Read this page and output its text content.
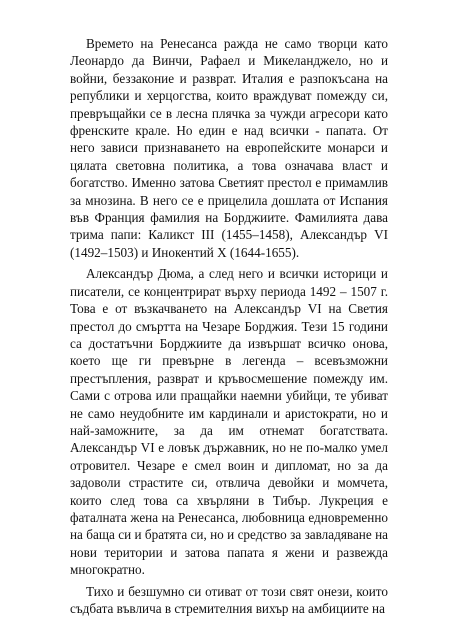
Времето на Ренесанса ражда не само творци като Леонардо да Винчи, Рафаел и Микеланджело, но и войни, беззаконие и разврат. Италия е разпокъсана на републики и херцогства, които враждуват помежду си, превръщайки се в лесна плячка за чужди агресори като френските крале. Но един е над всички - папата. От него зависи признаването на европейските монарси и цялата световна политика, а това означава власт и богатство. Именно затова Светият престол е примамлив за мнозина. В него се е прицелила дошлата от Испания във Франция фамилия на Борджиите. Фамилията дава трима папи: Каликст III (1455–1458), Александър VI (1492–1503) и Инокентий X (1644-1655).

Александър Дюма, а след него и всички историци и писатели, се концентрират върху периода 1492 – 1507 г. Това е от възкачването на Александър VI на Светия престол до смъртта на Чезаре Борджия. Тези 15 години са достатъчни Борджиите да извършат всичко онова, което ще ги превърне в легенда – всевъзможни престъпления, разврат и кръвосмешение помежду им. Сами с отрова или пращайки наемни убийци, те убиват не само неудобните им кардинали и аристократи, но и най-заможните, за да им отнемат богатствата. Александър VI е ловък държавник, но не по-малко умел отровител. Чезаре е смел воин и дипломат, но за да задоволи страстите си, отвлича девойки и момчета, които след това са хвърляни в Тибър. Лукреция е фаталната жена на Ренесанса, любовница едновременно на баща си и братята си, но и средство за завладяване на нови територии и затова папата я жени и развежда многократно.

Тихо и безшумно си отиват от този свят онези, които съдбата въвлича в стремителния вихър на амбициите на
